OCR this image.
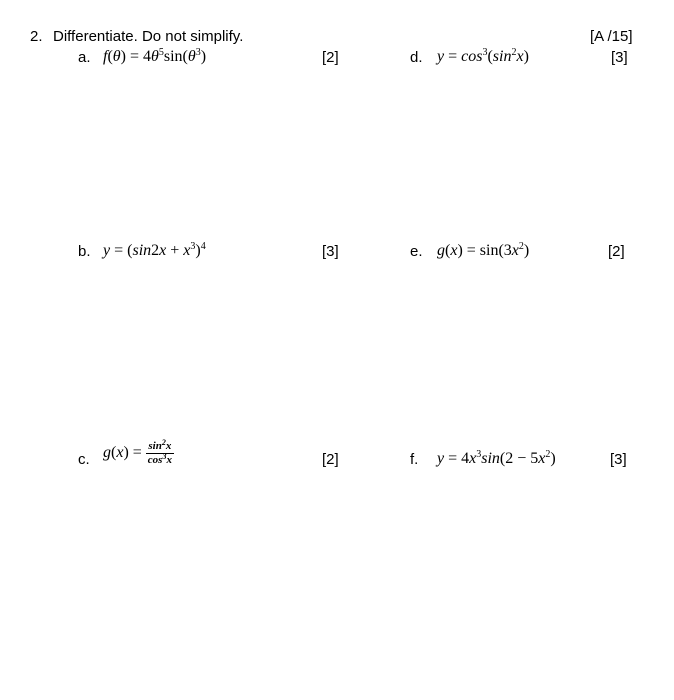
2. Differentiate. Do not simplify.	[A /15]
a. $f(\theta) = 4\theta^5\sin(\theta^3)$	[2]	d. $y = \cos^3(\sin^2x)$	[3]
b. $y = (\sin 2x + x^3)^4$	[3]	e. $g(x) = \sin(3x^2)$	[2]
c. $g(x) = \frac{\sin^2x}{\cos^3x}$	[2]	f. $y = 4x^3\sin(2 - 5x^2)$	[3]
